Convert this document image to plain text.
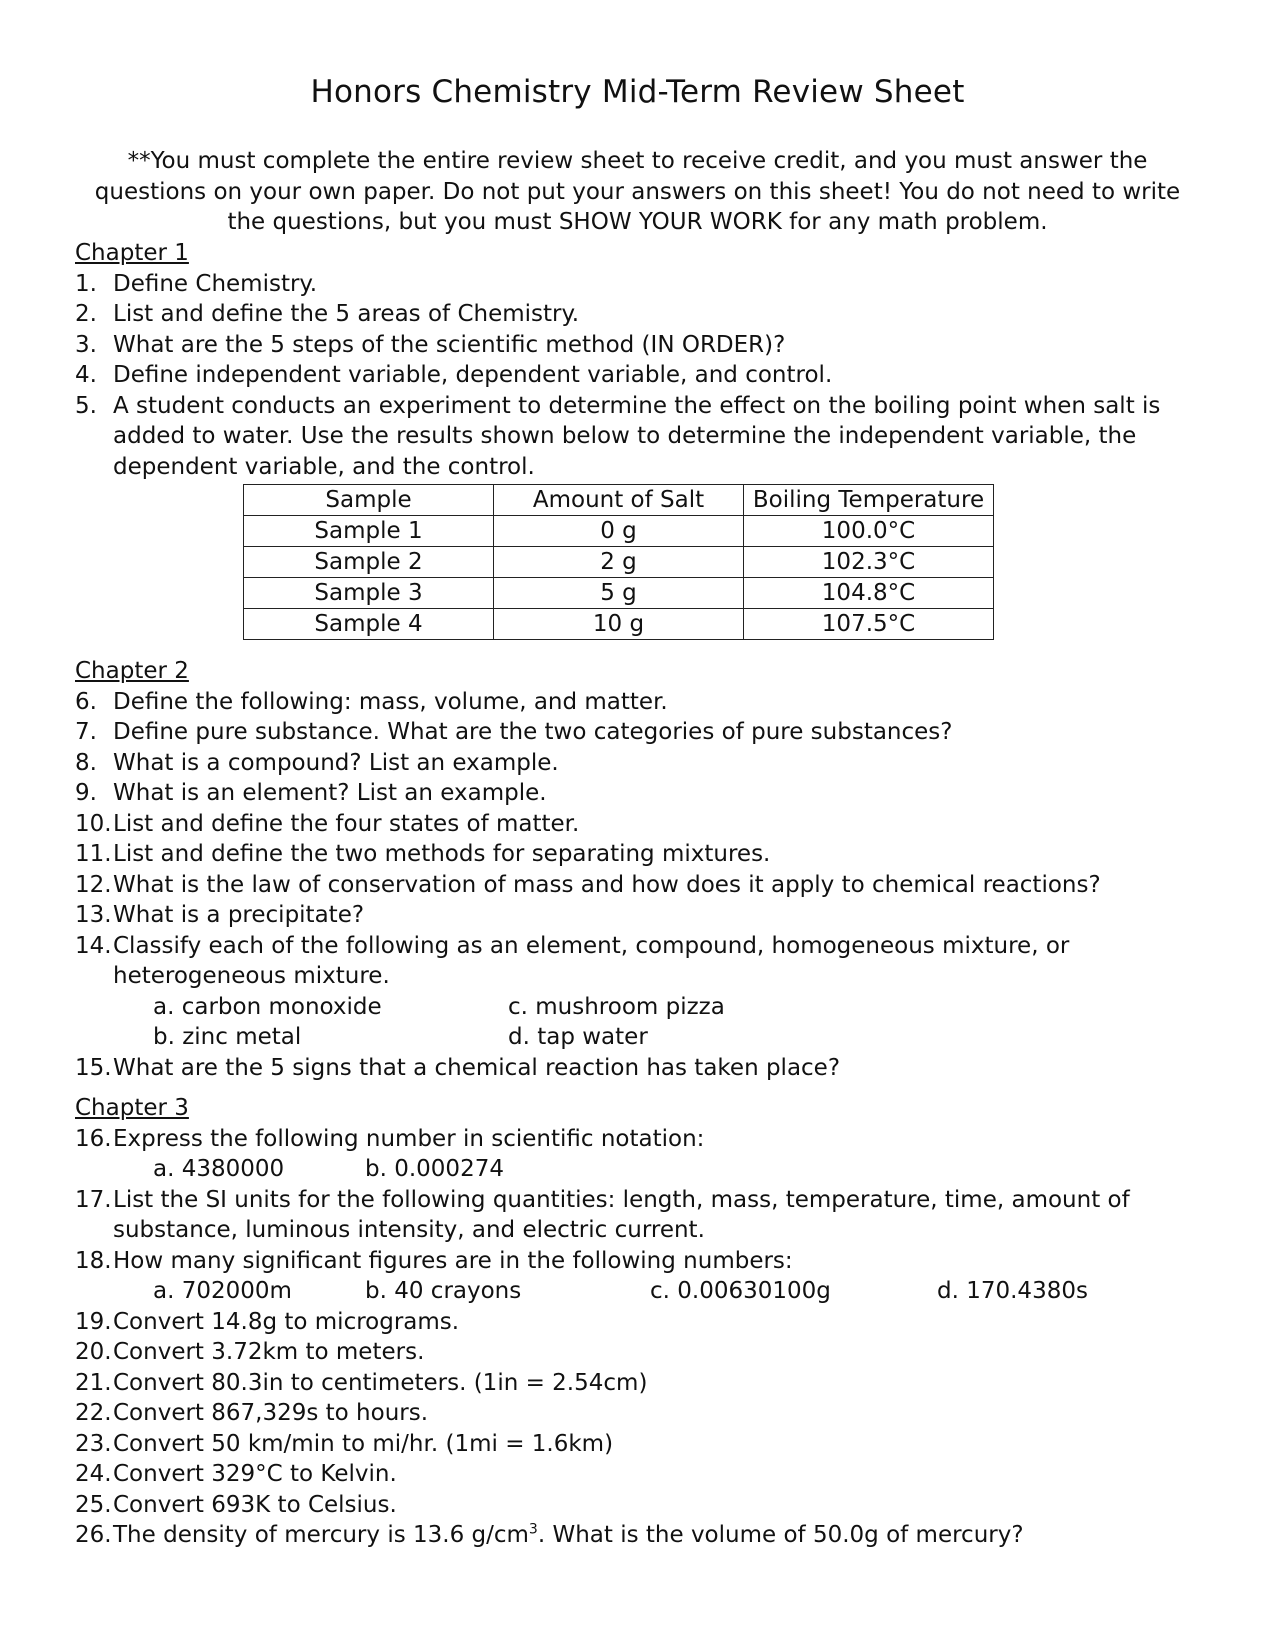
Honors Chemistry Mid-Term Review Sheet
**You must complete the entire review sheet to receive credit, and you must answer the questions on your own paper. Do not put your answers on this sheet! You do not need to write the questions, but you must SHOW YOUR WORK for any math problem.
Chapter 1
1. Define Chemistry.
2. List and define the 5 areas of Chemistry.
3. What are the 5 steps of the scientific method (IN ORDER)?
4. Define independent variable, dependent variable, and control.
5. A student conducts an experiment to determine the effect on the boiling point when salt is added to water. Use the results shown below to determine the independent variable, the dependent variable, and the control.
Sample	Amount of Salt	Boiling Temperature
Sample 1	0 g	100.0°C
Sample 2	2 g	102.3°C
Sample 3	5 g	104.8°C
Sample 4	10 g	107.5°C
Chapter 2
6. Define the following: mass, volume, and matter.
7. Define pure substance. What are the two categories of pure substances?
8. What is a compound? List an example.
9. What is an element? List an example.
10. List and define the four states of matter.
11. List and define the two methods for separating mixtures.
12. What is the law of conservation of mass and how does it apply to chemical reactions?
13. What is a precipitate?
14. Classify each of the following as an element, compound, homogeneous mixture, or heterogeneous mixture.
a. carbon monoxide	c. mushroom pizza
b. zinc metal	d. tap water
15. What are the 5 signs that a chemical reaction has taken place?
Chapter 3
16. Express the following number in scientific notation:
a. 4380000	b. 0.000274
17. List the SI units for the following quantities: length, mass, temperature, time, amount of substance, luminous intensity, and electric current.
18. How many significant figures are in the following numbers:
a. 702000m	b. 40 crayons	c. 0.00630100g	d. 170.4380s
19. Convert 14.8g to micrograms.
20. Convert 3.72km to meters.
21. Convert 80.3in to centimeters. (1in = 2.54cm)
22. Convert 867,329s to hours.
23. Convert 50 km/min to mi/hr. (1mi = 1.6km)
24. Convert 329°C to Kelvin.
25. Convert 693K to Celsius.
26. The density of mercury is 13.6 $g/cm^3$. What is the volume of 50.0g of mercury?
